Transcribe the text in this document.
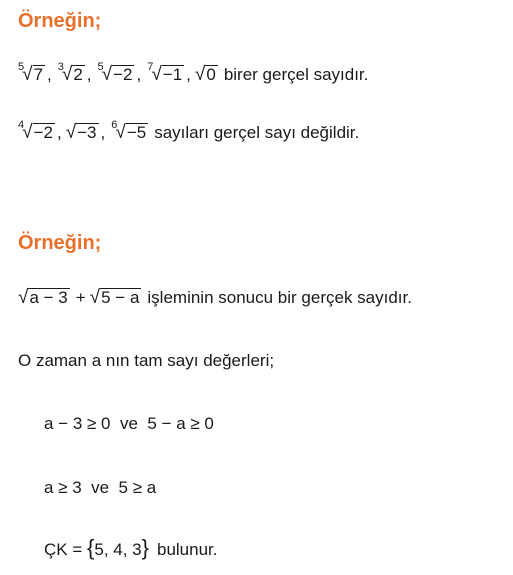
Örneğin;
5
√ 7 , 3
√ 2 , 5
√ −2 , 7
√ −1 , √ 0 birer gerçel sayıdır.
4
√ −2 , √ −3 , 6
√ −5 sayıları gerçel sayı değildir.
Örneğin;
√ a − 3 + √ 5 − a işleminin sonucu bir gerçek sayıdır.
O zaman a nın tam sayı değerleri;
a − 3 ≥ 0  ve  5 − a ≥ 0
a ≥ 3  ve  5 ≥ a
ÇK = { 5, 4, 3 } bulunur.
